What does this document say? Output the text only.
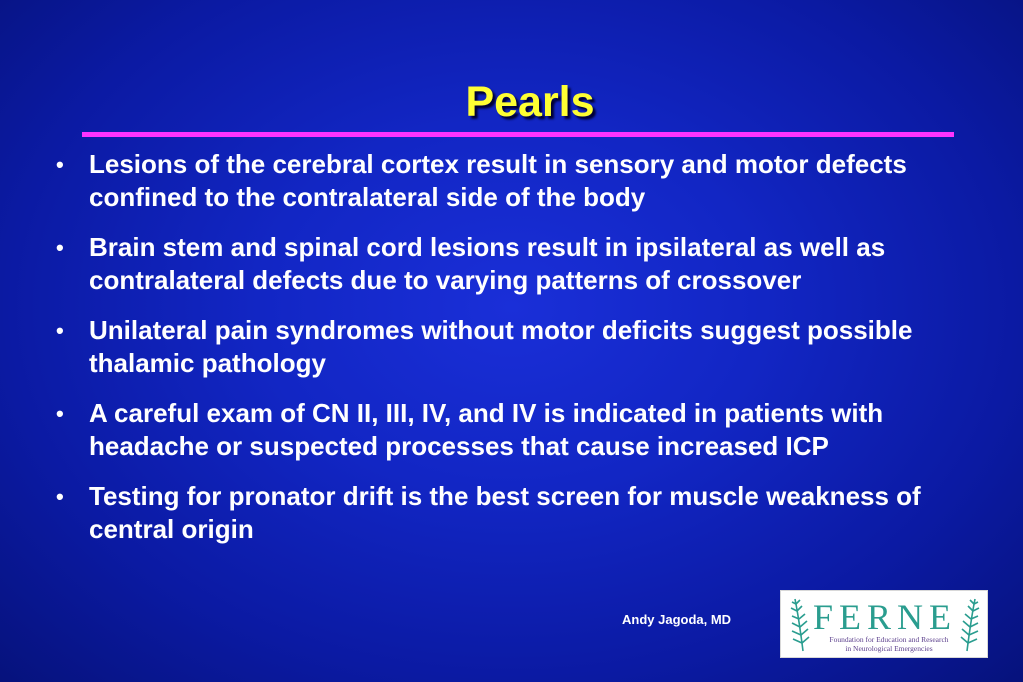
Pearls
• Lesions of the cerebral cortex result in sensory and motor defects confined to the contralateral side of the body
• Brain stem and spinal cord lesions result in ipsilateral as well as contralateral defects due to varying patterns of crossover
• Unilateral pain syndromes without motor deficits suggest possible thalamic pathology
• A careful exam of CN II, III, IV, and IV is indicated in patients with headache or suspected processes that cause increased ICP
• Testing for pronator drift is the best screen for muscle weakness of central origin
Andy Jagoda, MD FERNE
Foundation for Education and Research
in Neurological Emergencies
